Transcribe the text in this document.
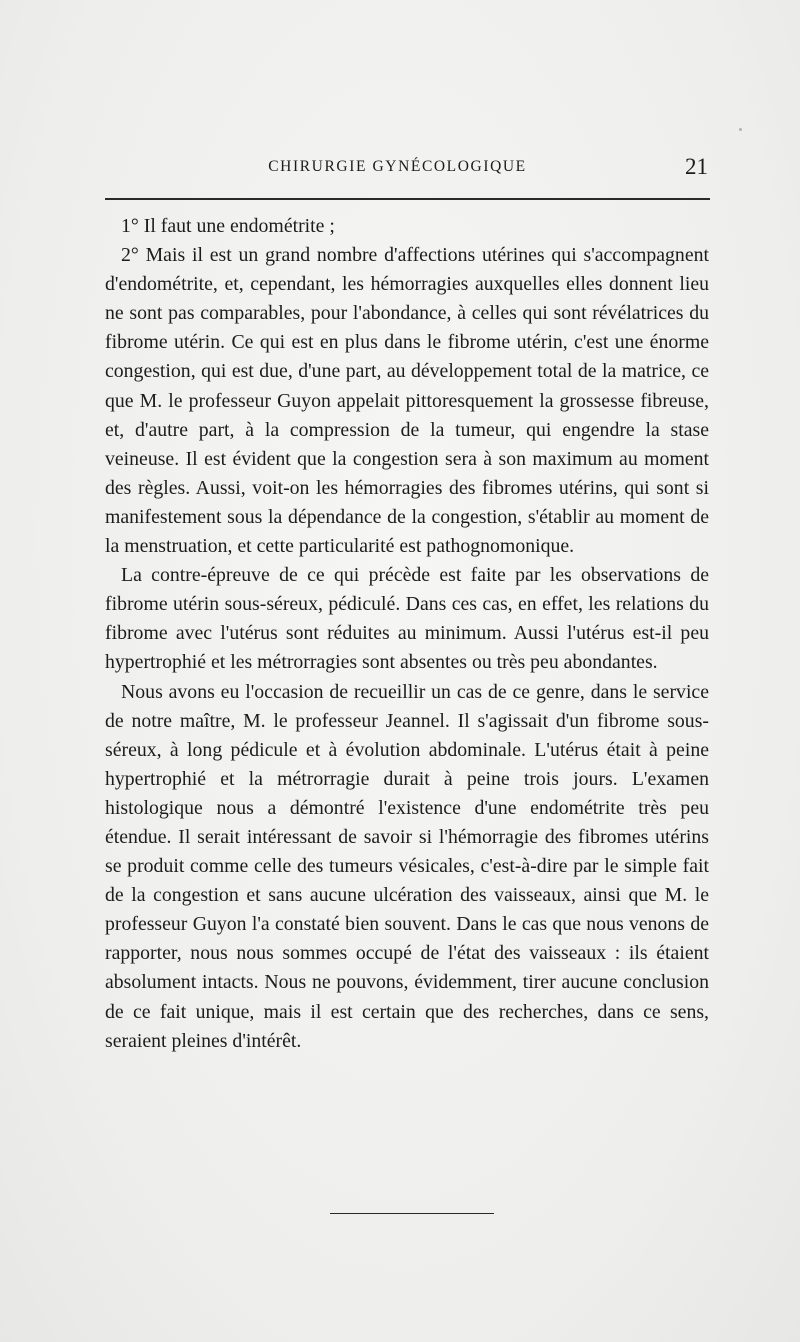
CHIRURGIE GYNÉCOLOGIQUE	21

1° Il faut une endométrite ;

2° Mais il est un grand nombre d'affections utérines qui s'accompagnent d'endométrite, et, cependant, les hémorragies auxquelles elles donnent lieu ne sont pas comparables, pour l'abondance, à celles qui sont révélatrices du fibrome utérin. Ce qui est en plus dans le fibrome utérin, c'est une énorme congestion, qui est due, d'une part, au développement total de la matrice, ce que M. le professeur Guyon appelait pittoresquement la grossesse fibreuse, et, d'autre part, à la compression de la tumeur, qui engendre la stase veineuse. Il est évident que la congestion sera à son maximum au moment des règles. Aussi, voit-on les hémorragies des fibromes utérins, qui sont si manifestement sous la dépendance de la congestion, s'établir au moment de la menstruation, et cette particularité est pathognomonique.

La contre-épreuve de ce qui précède est faite par les observations de fibrome utérin sous-séreux, pédiculé. Dans ces cas, en effet, les relations du fibrome avec l'utérus sont réduites au minimum. Aussi l'utérus est-il peu hypertrophié et les métrorragies sont absentes ou très peu abondantes.

Nous avons eu l'occasion de recueillir un cas de ce genre, dans le service de notre maître, M. le professeur Jeannel. Il s'agissait d'un fibrome sous-séreux, à long pédicule et à évolution abdominale. L'utérus était à peine hypertrophié et la métrorragie durait à peine trois jours. L'examen histologique nous a démontré l'existence d'une endométrite très peu étendue. Il serait intéressant de savoir si l'hémorragie des fibromes utérins se produit comme celle des tumeurs vésicales, c'est-à-dire par le simple fait de la congestion et sans aucune ulcération des vaisseaux, ainsi que M. le professeur Guyon l'a constaté bien souvent. Dans le cas que nous venons de rapporter, nous nous sommes occupé de l'état des vaisseaux : ils étaient absolument intacts. Nous ne pouvons, évidemment, tirer aucune conclusion de ce fait unique, mais il est certain que des recherches, dans ce sens, seraient pleines d'intérêt.
